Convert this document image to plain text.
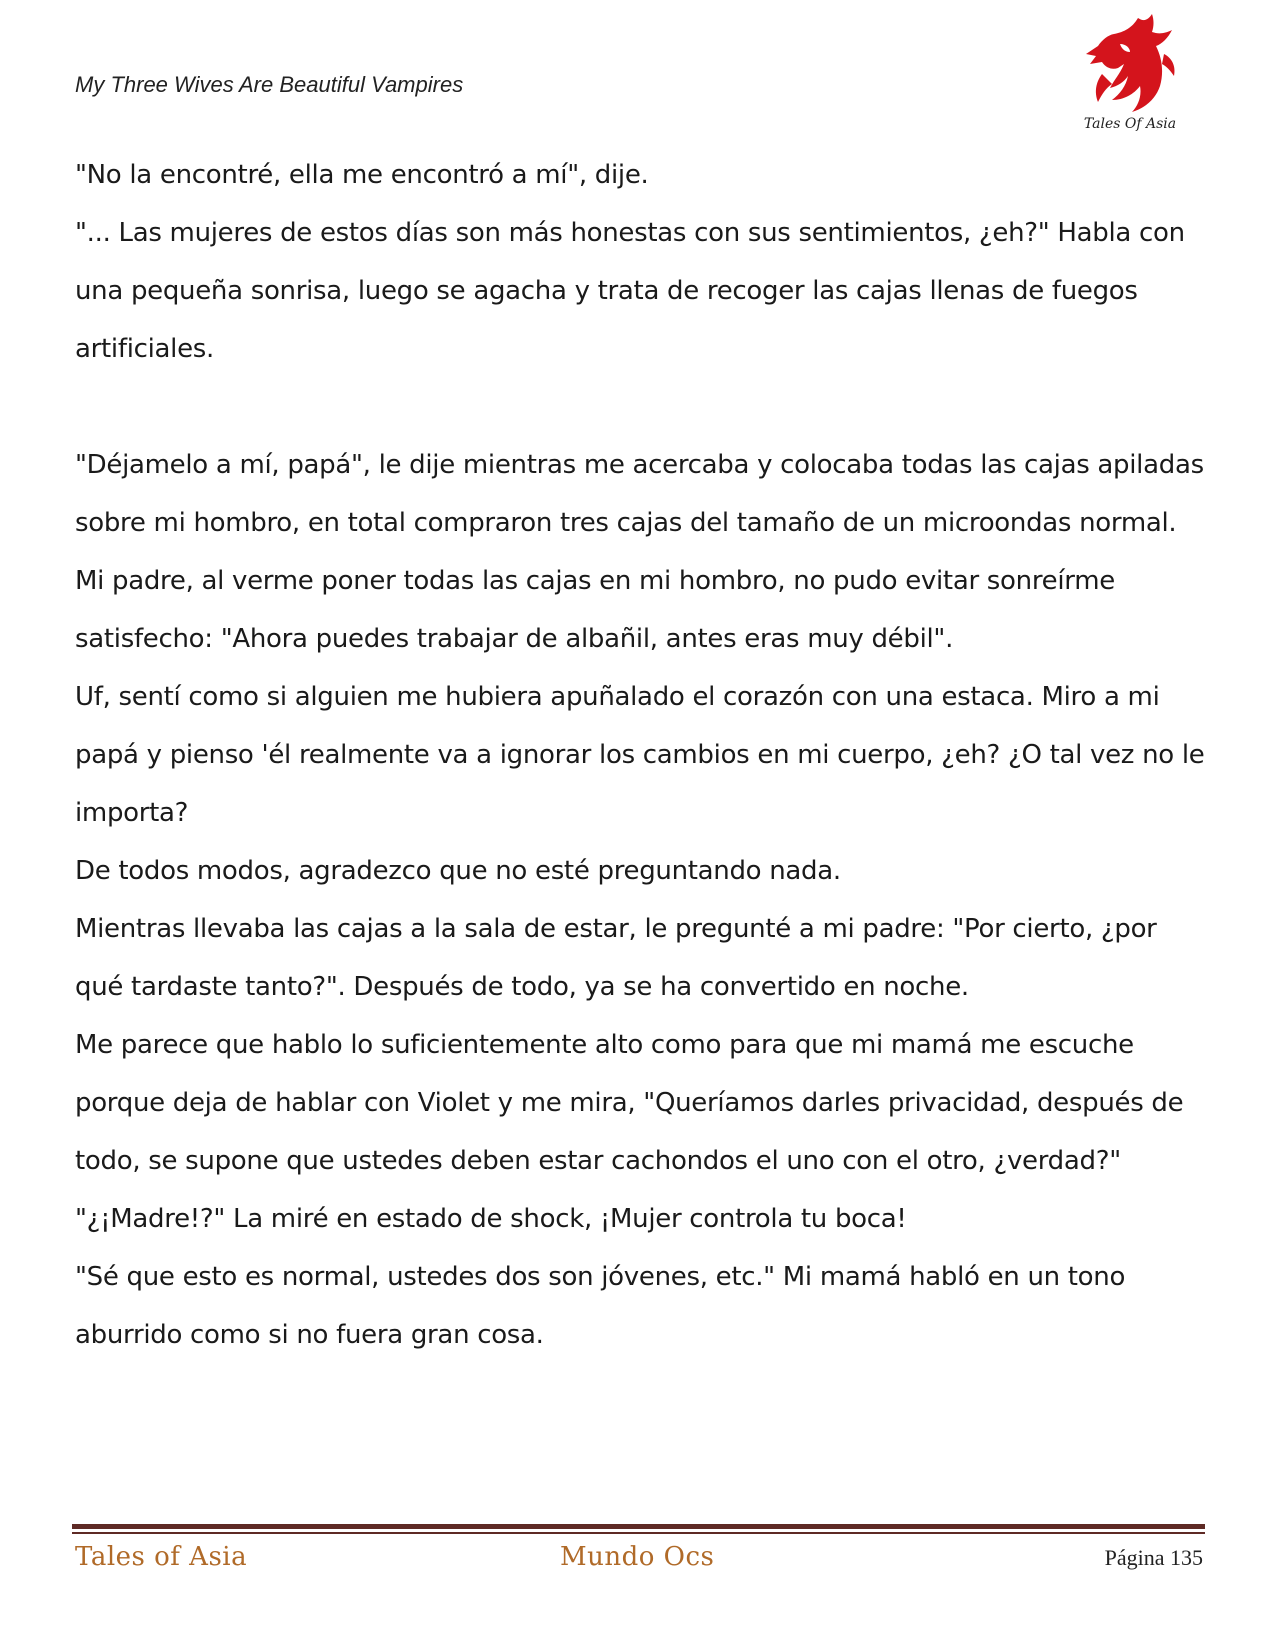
My Three Wives Are Beautiful Vampires
Tales Of Asia

"No la encontré, ella me encontró a mí", dije.

"... Las mujeres de estos días son más honestas con sus sentimientos, ¿eh?" Habla con una pequeña sonrisa, luego se agacha y trata de recoger las cajas llenas de fuegos artificiales.

"Déjamelo a mí, papá", le dije mientras me acercaba y colocaba todas las cajas apiladas sobre mi hombro, en total compraron tres cajas del tamaño de un microondas normal. Mi padre, al verme poner todas las cajas en mi hombro, no pudo evitar sonreírme satisfecho: "Ahora puedes trabajar de albañil, antes eras muy débil".

Uf, sentí como si alguien me hubiera apuñalado el corazón con una estaca. Miro a mi papá y pienso 'él realmente va a ignorar los cambios en mi cuerpo, ¿eh? ¿O tal vez no le importa?

De todos modos, agradezco que no esté preguntando nada.

Mientras llevaba las cajas a la sala de estar, le pregunté a mi padre: "Por cierto, ¿por qué tardaste tanto?". Después de todo, ya se ha convertido en noche.

Me parece que hablo lo suficientemente alto como para que mi mamá me escuche porque deja de hablar con Violet y me mira, "Queríamos darles privacidad, después de todo, se supone que ustedes deben estar cachondos el uno con el otro, ¿verdad?"

"¿¡Madre!?" La miré en estado de shock, ¡Mujer controla tu boca!

"Sé que esto es normal, ustedes dos son jóvenes, etc." Mi mamá habló en un tono aburrido como si no fuera gran cosa.

Tales of Asia	Mundo Ocs	Página 135
